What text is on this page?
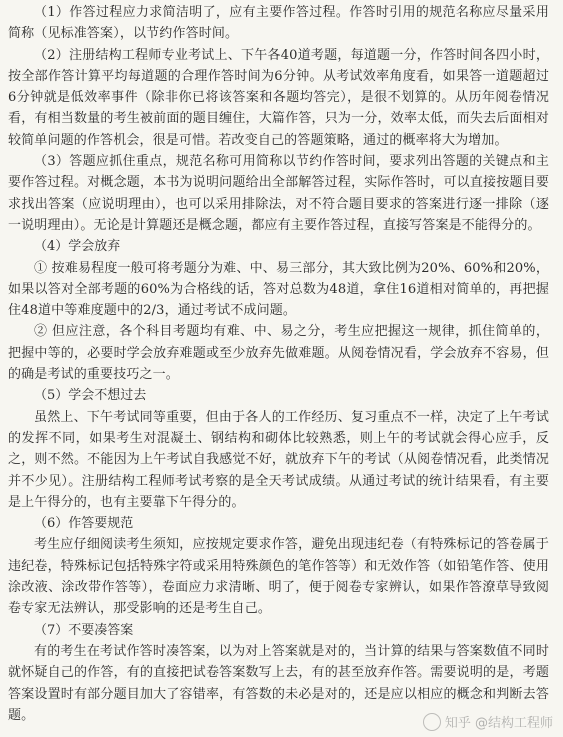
（1）作答过程应力求简洁明了，应有主要作答过程。作答时引用的规范名称应尽量采用简称（见标准答案），以节约作答时间。

（2）注册结构工程师专业考试上、下午各40道考题，每道题一分，作答时间各四小时，按全部作答计算平均每道题的合理作答时间为6分钟。从考试效率角度看，如果答一道题超过6分钟就是低效率事件（除非你已将该答案和各题均答完），是很不划算的。从历年阅卷情况看，有相当数量的考生被前面的题目缠住，大篇作答，只为一分，效率太低，而失去后面相对较简单问题的作答机会，很是可惜。若改变自己的答题策略，通过的概率将大为增加。

（3）答题应抓住重点，规范名称可用简称以节约作答时间，要求列出答题的关键点和主要作答过程。对概念题，本书为说明问题给出全部解答过程，实际作答时，可以直接按题目要求找出答案（应说明理由），也可以采用排除法，对不符合题目要求的答案进行逐一排除（逐一说明理由）。无论是计算题还是概念题，都应有主要作答过程，直接写答案是不能得分的。

（4）学会放弃

① 按难易程度一般可将考题分为难、中、易三部分，其大致比例为20%、60%和20%，如果以答对全部考题的60%为合格线的话，答对总数为48道，拿住16道相对简单的，再把握住48道中等难度题中的2/3，通过考试不成问题。

② 但应注意，各个科目考题均有难、中、易之分，考生应把握这一规律，抓住简单的，把握中等的，必要时学会放弃难题或至少放弃先做难题。从阅卷情况看，学会放弃不容易，但的确是考试的重要技巧之一。

（5）学会不想过去

虽然上、下午考试同等重要，但由于各人的工作经历、复习重点不一样，决定了上午考试的发挥不同，如果考生对混凝土、钢结构和砌体比较熟悉，则上午的考试就会得心应手，反之，则不然。不能因为上午考试自我感觉不好，就放弃下午的考试（从阅卷情况看，此类情况并不少见）。注册结构工程师考试考察的是全天考试成绩。从通过考试的统计结果看，有主要是上午得分的，也有主要靠下午得分的。

（6）作答要规范

考生应仔细阅读考生须知，应按规定要求作答，避免出现违纪卷（有特殊标记的答卷属于违纪卷，特殊标记包括特殊字符或采用特殊颜色的笔作答等）和无效作答（如铅笔作答、使用涂改液、涂改带作答等），卷面应力求清晰、明了，便于阅卷专家辨认，如果作答潦草导致阅卷专家无法辨认，那受影响的还是考生自己。

（7）不要凑答案

有的考生在考试作答时凑答案，以为对上答案就是对的，当计算的结果与答案数值不同时就怀疑自己的作答，有的直接把试卷答案数写上去，有的甚至放弃作答。需要说明的是，考题答案设置时有部分题目加大了容错率，有答数的未必是对的，还是应以相应的概念和判断去答题。

知乎 @结构工程师
